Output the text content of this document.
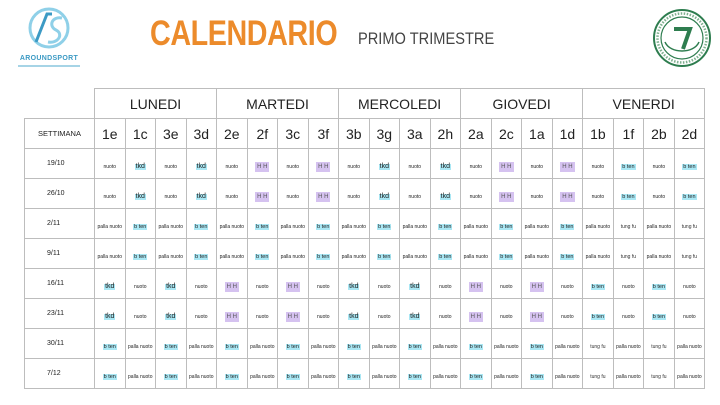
AROUNDSPORT
CALENDARIO PRIMO TRIMESTRE
	LUNEDI				MARTEDI				MERCOLEDI				GIOVEDI				VENERDI			
SETTIMANA	1e	1c	3e	3d	2e	2f	3c	3f	3b	3g	3a	2h	2a	2c	1a	1d	1b	1f	2b	2d
19/10	nuoto	tkd	nuoto	tkd	nuoto	H H	nuoto	H H	nuoto	tkd	nuoto	tkd	nuoto	H H	nuoto	H H	nuoto	b ten	nuoto	b ten
26/10	nuoto	tkd	nuoto	tkd	nuoto	H H	nuoto	H H	nuoto	tkd	nuoto	tkd	nuoto	H H	nuoto	H H	nuoto	b ten	nuoto	b ten
2/11	palla nuoto	b ten	palla nuoto	b ten	palla nuoto	b ten	palla nuoto	b ten	palla nuoto	b ten	palla nuoto	b ten	palla nuoto	b ten	palla nuoto	b ten	palla nuoto	tung fu	palla nuoto	tung fu
9/11	palla nuoto	b ten	palla nuoto	b ten	palla nuoto	b ten	palla nuoto	b ten	palla nuoto	b ten	palla nuoto	b ten	palla nuoto	b ten	palla nuoto	b ten	palla nuoto	tung fu	palla nuoto	tung fu
16/11	tkd	nuoto	tkd	nuoto	H H	nuoto	H H	nuoto	tkd	nuoto	tkd	nuoto	H H	nuoto	H H	nuoto	b ten	nuoto	b ten	nuoto
23/11	tkd	nuoto	tkd	nuoto	H H	nuoto	H H	nuoto	tkd	nuoto	tkd	nuoto	H H	nuoto	H H	nuoto	b ten	nuoto	b ten	nuoto
30/11	b ten	palla nuoto	b ten	palla nuoto	b ten	palla nuoto	b ten	palla nuoto	b ten	palla nuoto	b ten	palla nuoto	b ten	palla nuoto	b ten	palla nuoto	tung fu	palla nuoto	tung fu	palla nuoto
7/12	b ten	palla nuoto	b ten	palla nuoto	b ten	palla nuoto	b ten	palla nuoto	b ten	palla nuoto	b ten	palla nuoto	b ten	palla nuoto	b ten	palla nuoto	tung fu	palla nuoto	tung fu	palla nuoto
